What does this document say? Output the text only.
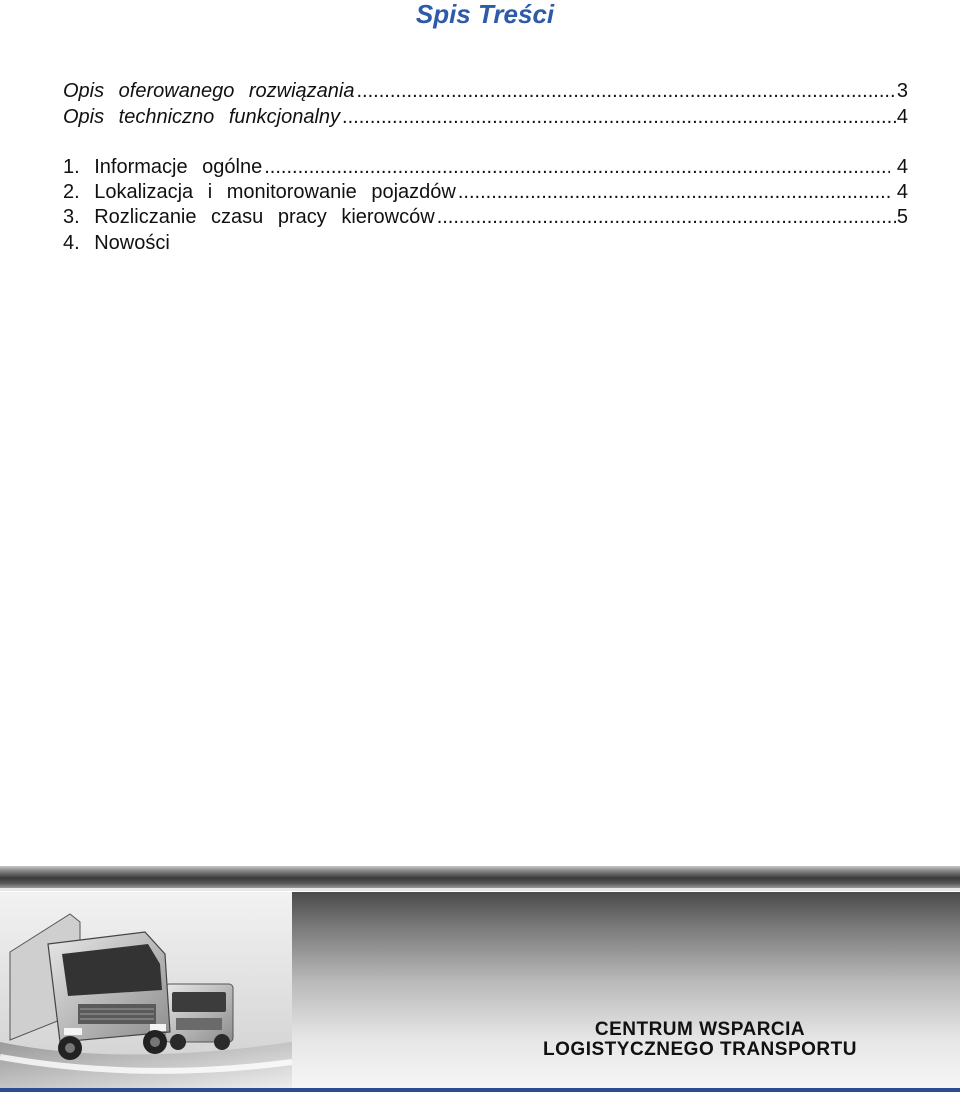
Spis Treści
Opis oferowanego rozwiązania .....	3
Opis techniczno funkcjonalny .....	4
1. Informacje ogólne .....	4
2. Lokalizacja i monitorowanie pojazdów .....	4
3. Rozliczanie czasu pracy kierowców .....	5
4. Nowości
CENTRUM WSPARCIA
LOGISTYCZNEGO TRANSPORTU
